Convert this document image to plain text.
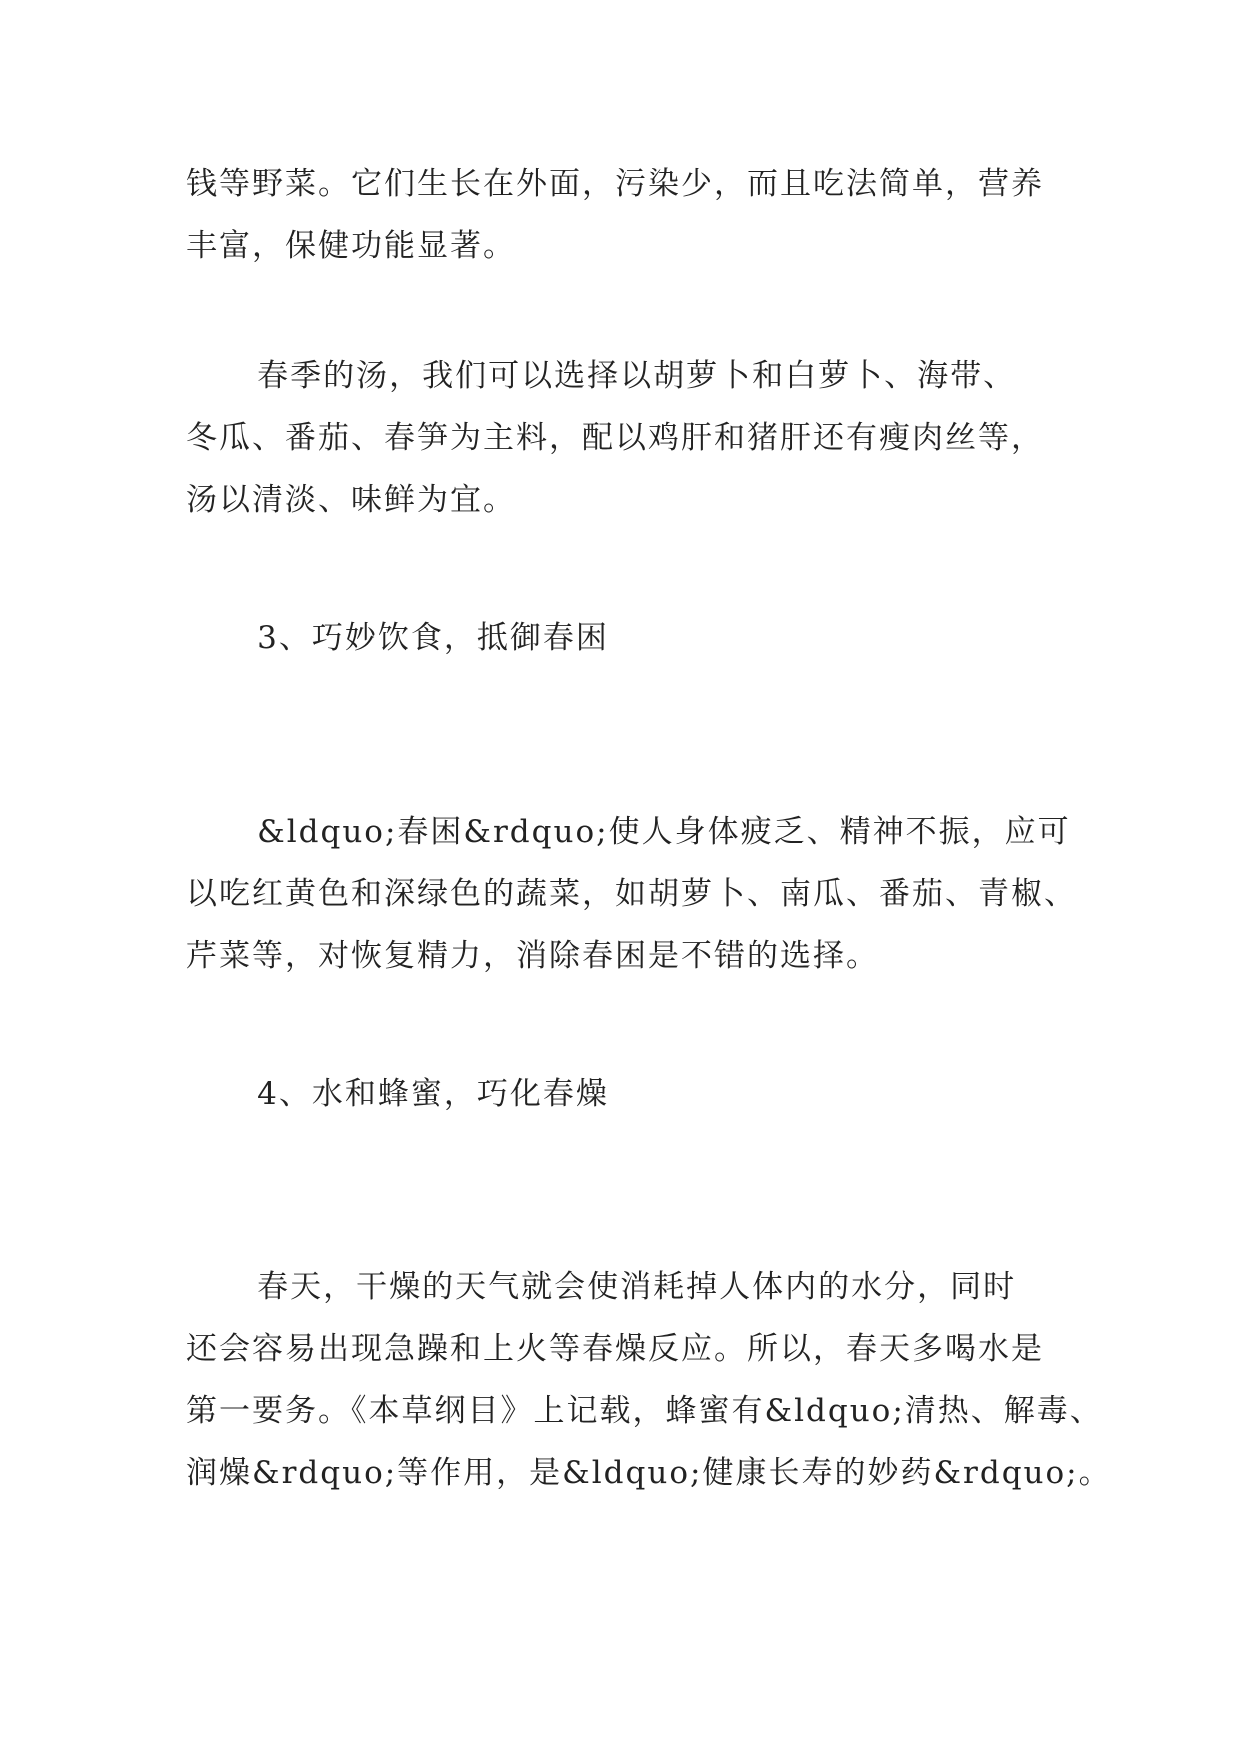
钱等野菜。它们生长在外面，污染少，而且吃法简单，营养
丰富，保健功能显著。
春季的汤，我们可以选择以胡萝卜和白萝卜、海带、
冬瓜、番茄、春笋为主料，配以鸡肝和猪肝还有瘦肉丝等，
汤以清淡、味鲜为宜。
3、巧妙饮食，抵御春困
&ldquo;春困&rdquo;使人身体疲乏、精神不振，应可
以吃红黄色和深绿色的蔬菜，如胡萝卜、南瓜、番茄、青椒、
芹菜等，对恢复精力，消除春困是不错的选择。
4、水和蜂蜜，巧化春燥
春天，干燥的天气就会使消耗掉人体内的水分，同时
还会容易出现急躁和上火等春燥反应。所以，春天多喝水是
第一要务。《本草纲目》上记载，蜂蜜有&ldquo;清热、解毒、
润燥&rdquo;等作用，是&ldquo;健康长寿的妙药&rdquo;。
